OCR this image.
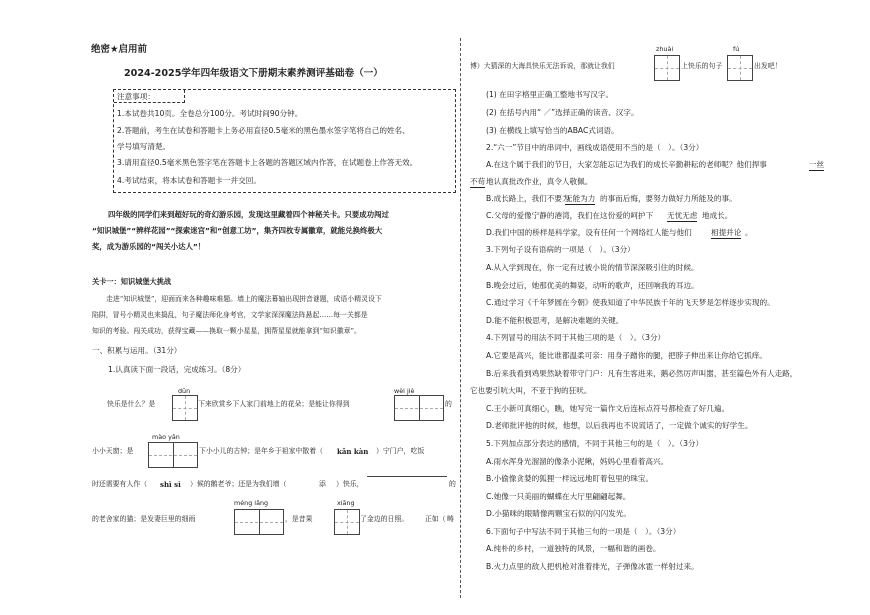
绝密★启用前
2024-2025学年四年级语文下册期末素养测评基础卷（一）
注意事项：
1.本试卷共10页。全卷总分100分。考试时间90分钟。
2.答题前，考生在试卷和答题卡上务必用直径0.5毫米的黑色墨水签字笔将自己的姓名、
学号填写清楚。
3.请用直径0.5毫米黑色签字笔在答题卡上各题的答题区域内作答，在试题卷上作答无效。
4.考试结束，将本试卷和答题卡一并交回。
四年级的同学们来到超好玩的奇幻游乐园，发现这里藏着四个神秘关卡。只要成功闯过
“知识城堡”“辨样花园”“探索迷宫”和“创意工坊”，集齐四枚专属徽章，就能兑换终极大
奖，成为游乐园的“闯关小达人”！
关卡一：知识城堡大挑战
走进“知识城堡”，迎面而来各种趣味难题。墙上的魔法幕轴出现拼音谜题，成语小精灵设下
陷阱，冒号小精灵也来捣乱，句子魔法师化身考官，文学家深深魔法阵悬起……每一关都是
知识的考验。闯关成功，获得宝藏——换取一颗小星星，拥帮星星就能拿到“知识徽章”。
一、积累与运用。（31分）
1.认真读下面一段话，完成练习。（8分）
dūn	wèi jiè
快乐是什么？是	下来欣赏乡下人家门前地上的花朵；是能让你得到	的
mào yān
小小天窗；是	下小小儿的古钟；是年乡于祖家中散着（ kǎn kàn ）宁门户，吃饭
时还需要有人作（ shì sì ）候的鹅老爷；还是为我们增（	添 ）快乐，	的
méng lǎng	xiāng
的老舍家的猫；是发妻巨里的细雨	，是昔果	了金边的日照。 正如（ 畴
zhuài	fú
博）大猜深的大海具快乐无法诉说，那就让我们	上快乐的句子	出发吧！
(1) 在田字格里正确工整地书写汉字。
(2) 在括号内用“ ／”选择正确的读音、汉字。
(3) 在横线上填写恰当的ABAC式词语。
2.“六一”节目中的串词中，画线成语使用不当的是（　）。（3分）
A.在这个属于我们的节日，大家怎能忘记为我们的成长辛勤耕耘的老师呢？他们捍事	一丝
不苟 地认真批改作业，真令人敬佩。
B.成长路上，我们不要为
无能为力 的事而后悔，要努力做好力所能及的事。
C.父母的爱像宁静的港湾，我们在这份爱的呵护下 无忧无虑 地成长。
D.我们中国的桥样是科学家，设有任何一个网络红人能与他们	相提并论 。
3.下列句子设有语病的一项是（　）。（3分）
A.从入学到现在，你一定有过被小说的情节深深吸引住的时候。
B.晚会过后，她那优美的舞姿，动听的歌声，还回响我的耳边。
C.通过学习《千年梦圆在今朝》使我知道了中华民族千年的飞天梦是怎样逐步实现的。
D.能不能积极思考，是解决难题的关键。
4.下列冒号的用法不同于其他三项的是（　）。（3分）
A.它要是高兴，能比谁都温柔可亲：用身子蹭你的腿，把脖子伸出来让你给它抓痒。
B.后来我看到鸡果然缺着带守门户：凡有生客进来，鹅必然厉声叫嚣，甚至篇色外有人走路，
它也要引吭大叫，不亚于狗的狂吠。
C.王小新可真细心，瞧，她写完一篇作文后连标点符号都检查了好几遍。
D.老师批评他的时候，他想，以后我再也不说谎话了，一定做个诚实的好学生。
5.下列加点部分表达的感情，不同于其他三句的是（　）。（3分）
A.雨水浑身光溜溜的像条小泥鳅，妈妈心里看着高兴。
B.小偷像贪婪的狐狸一样远远地盯着包里的珠宝。
C.她像一只美丽的蝴蝶在大厅里翩翩起舞。
D.小猫咪的眼睛像两颗宝石似的闪闪发光。
6.下面句子中写法不同于其他三句的一项是（　）。（3分）
A.纯朴的乡村，一道独特的风景，一幅和谐的画卷。
B.火力点里的敌人把机枪对准着排光，子弹像冰雹一样射过来。
